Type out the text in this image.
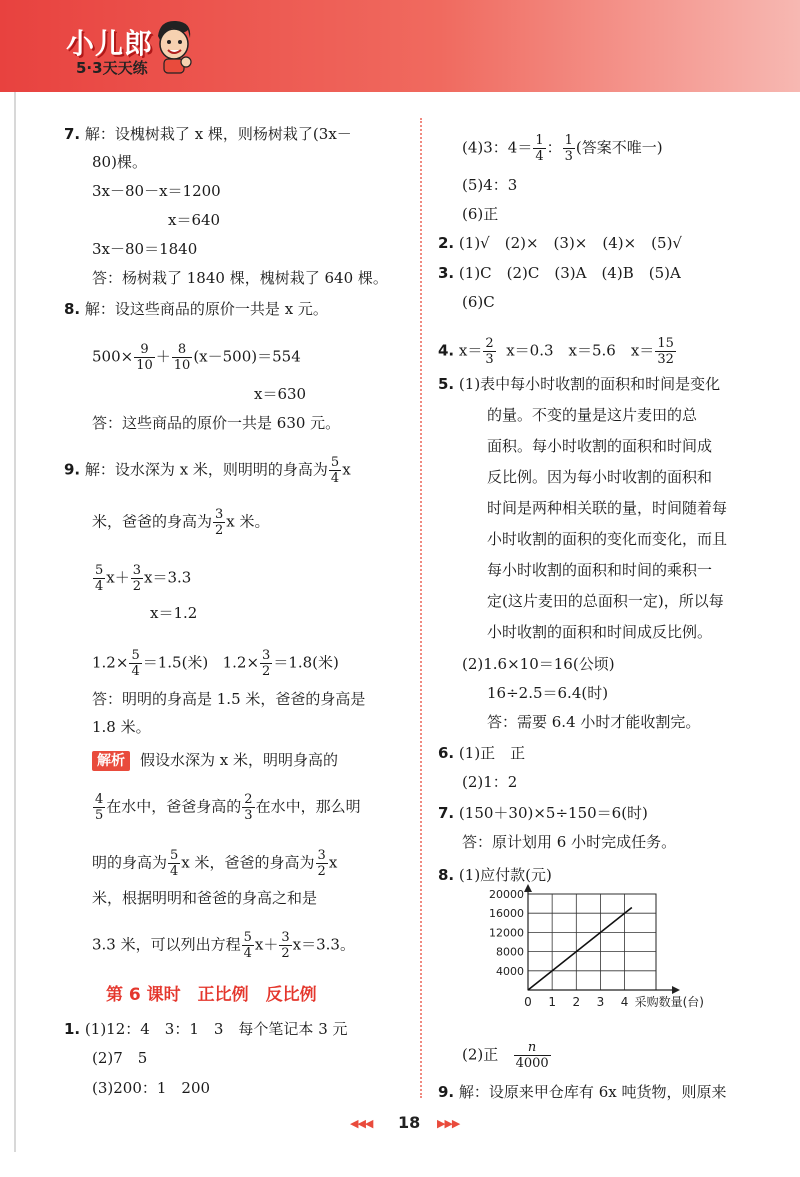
小儿郎
5·3天天练
7. 解：设槐树栽了 x 棵，则杨树栽了(3x－
80)棵。
3x－80－x＝1200
x＝640
3x－80＝1840
答：杨树栽了 1840 棵，槐树栽了 640 棵。
8. 解：设这些商品的原价一共是 x 元。
$500\times \frac{9}{10} + \frac{8}{10} (x-500)=554$
x＝630
答：这些商品的原价一共是 630 元。
9. 解：设水深为 x 米，则明明的身高为 $\frac{5}{4}$ x
米，爸爸的身高为 $\frac{3}{2}$ x 米。
$\frac{5}{4} x+ \frac{3}{2} x=3.3$
x＝1.2
$1.2\times \frac{5}{4} =1.5$(米) $1.2\times \frac{3}{2} =1.8$(米)
答：明明的身高是 1.5 米，爸爸的身高是
1.8 米。
解析 假设水深为 x 米，明明身高的
$\frac{4}{5}$ 在水中，爸爸身高的 $\frac{2}{3}$ 在水中，那么明
明的身高为 $\frac{5}{4}$ x 米，爸爸的身高为 $\frac{3}{2}$ x
米，根据明明和爸爸的身高之和是
3.3 米，可以列出方程 $\frac{5}{4} x+ \frac{3}{2} x=3.3$。
第 6 课时　正比例　反比例
1. (1)12：4　3：1　3　每个笔记本 3 元
(2)7　5
(3)200：1　200
(4)3：$4= \frac{1}{4}$ ： $\frac{1}{3}$ (答案不唯一)
(5)4：3
(6)正
2. (1)√　(2)×　(3)×　(4)×　(5)√
3. (1)C　(2)C　(3)A　(4)B　(5)A
(6)C
4. $x= \frac{2}{3} x=0.3$　x＝5.6　$x= \frac{15}{32}$
5. (1)表中每小时收割的面积和时间是变化
的量。不变的量是这片麦田的总
面积。每小时收割的面积和时间成
反比例。因为每小时收割的面积和
时间是两种相关联的量，时间随着每
小时收割的面积的变化而变化，而且
每小时收割的面积和时间的乘积一
定(这片麦田的总面积一定)，所以每
小时收割的面积和时间成反比例。
(2)1.6×10＝16(公顷)
16÷2.5＝6.4(时)
答：需要 6.4 小时才能收割完。
6. (1)正　正
(2)1：2
7. (150＋30)×5÷150＝6(时)
答：原计划用 6 小时完成任务。
8. (1)应付款(元)
4000
8000
12000
16000
20000
0 1 2 3 4 采购数量(台)
(2)正 $\frac{n}{4000}$
9. 解：设原来甲仓库有 6x 吨货物，则原来
◀◀◀ 18 ▶▶▶
